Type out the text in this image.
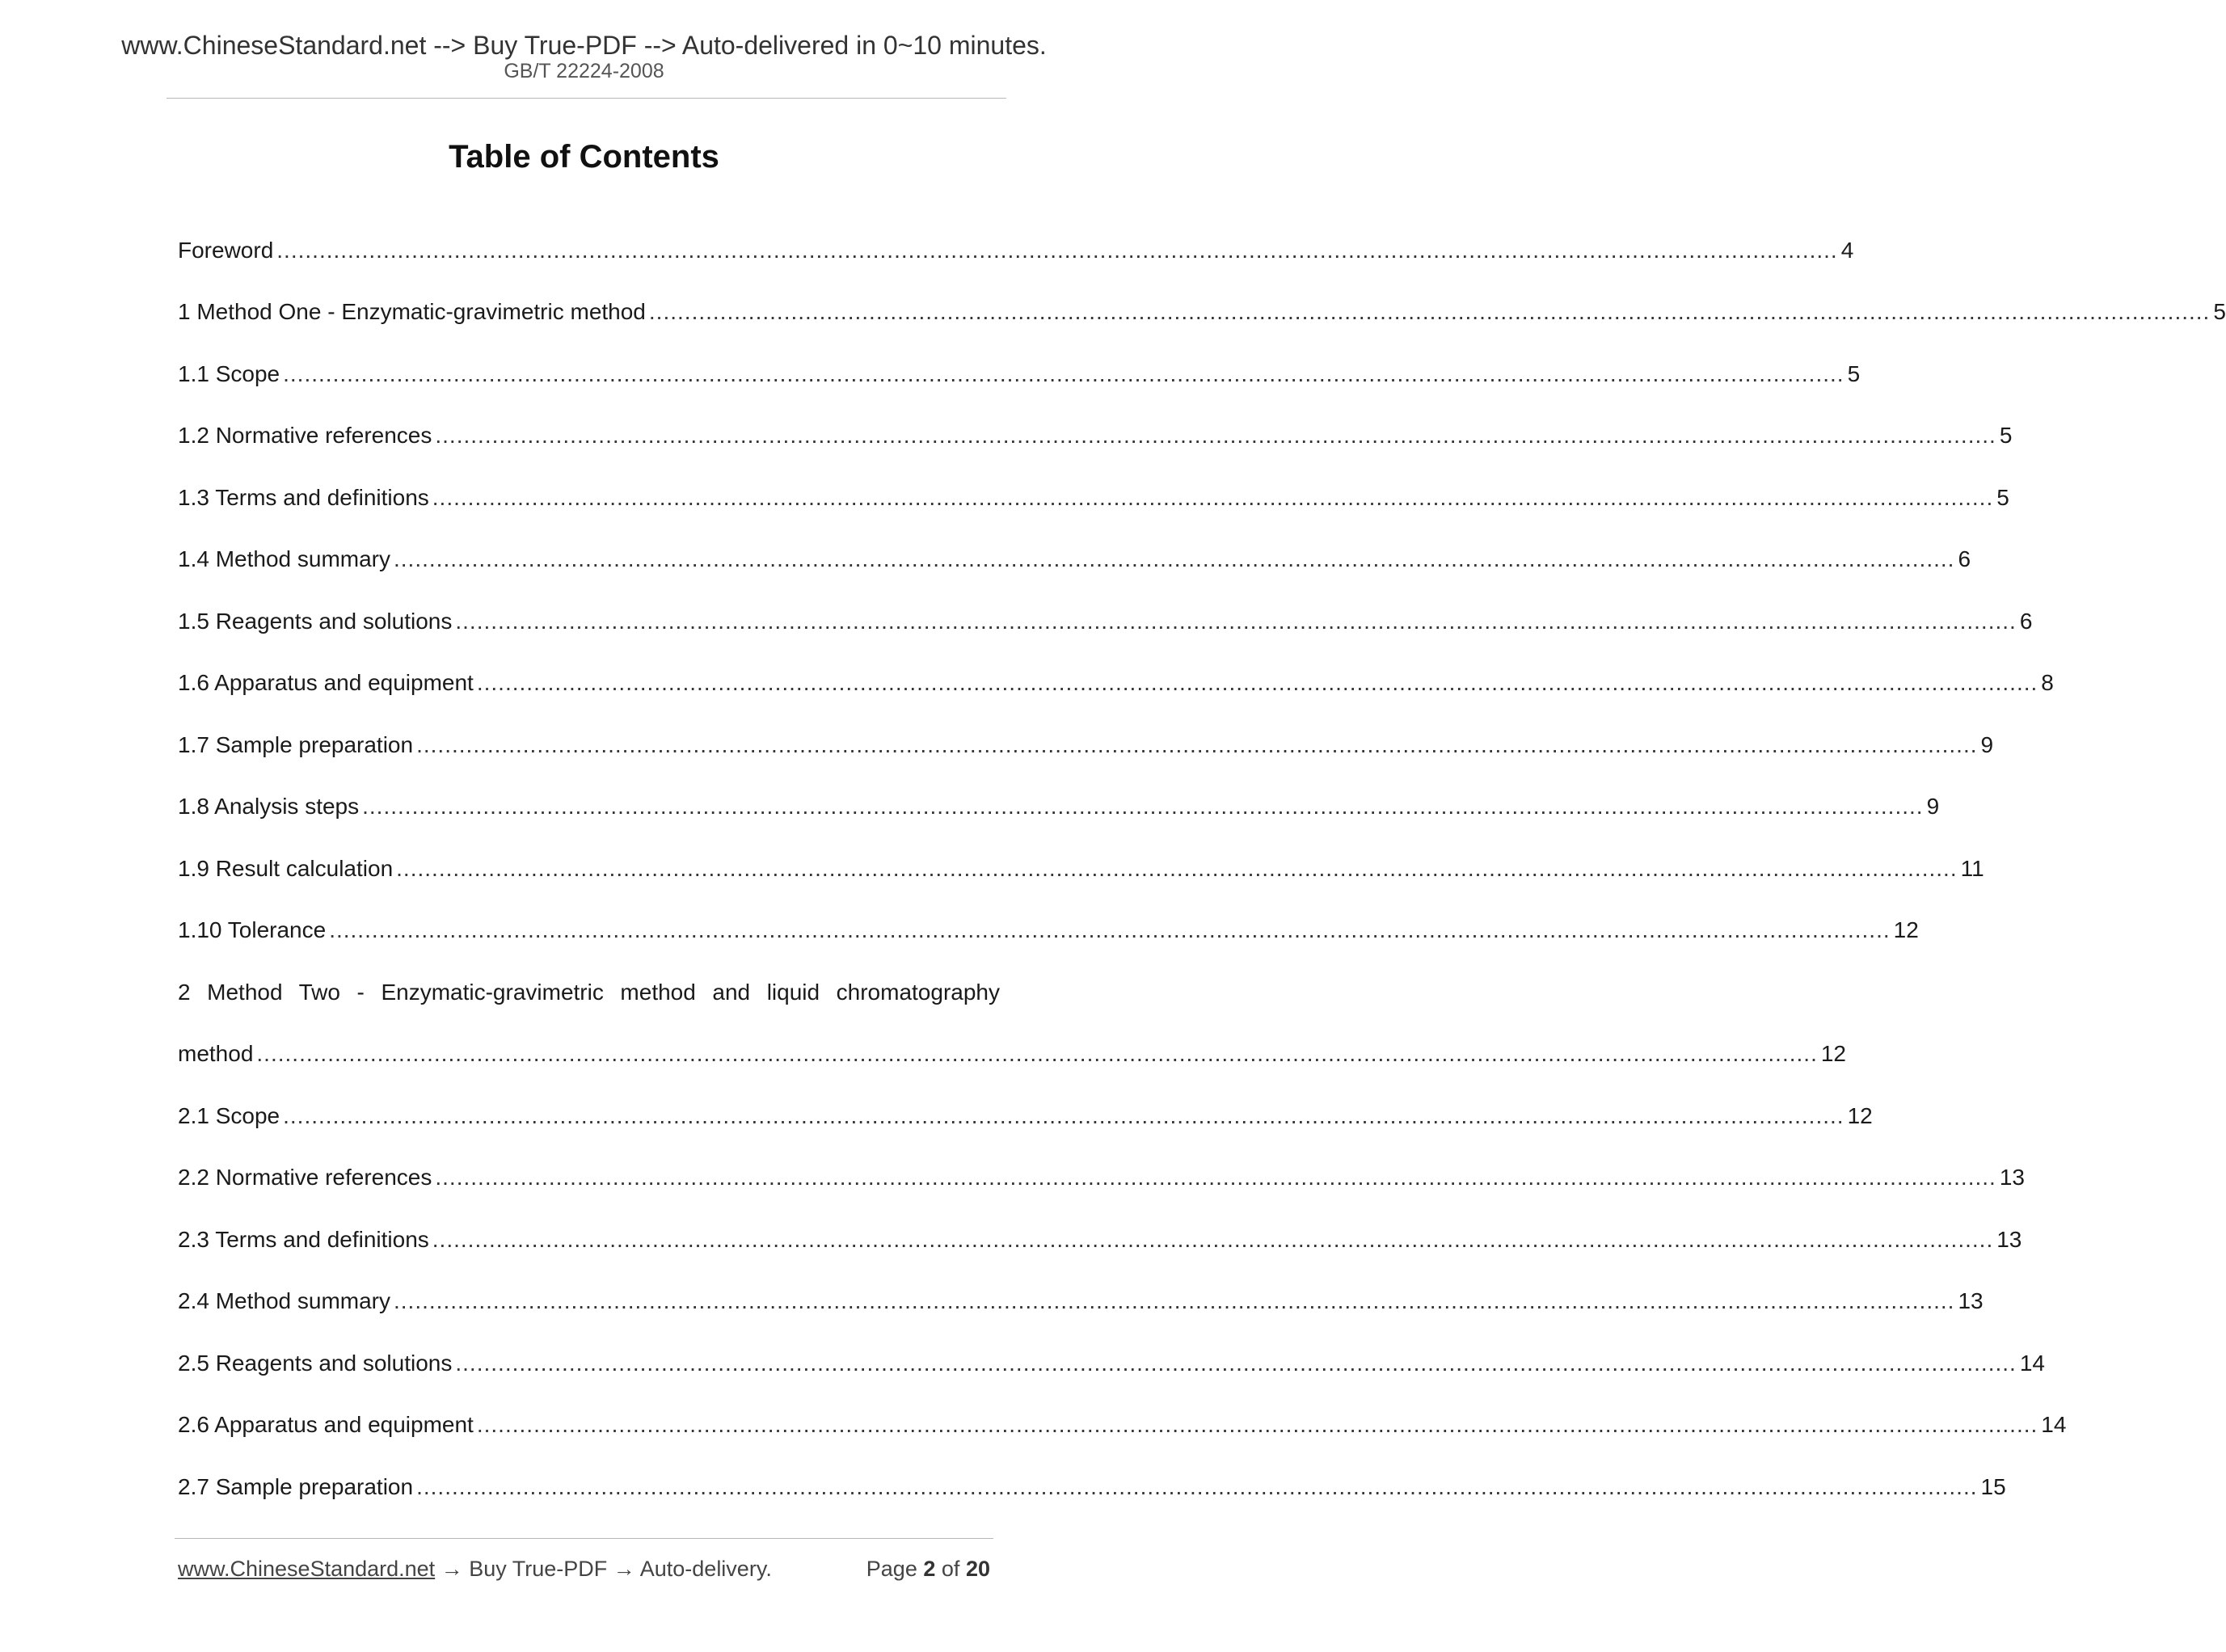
www.ChineseStandard.net --> Buy True-PDF --> Auto-delivered in 0~10 minutes.
GB/T 22224-2008
Table of Contents
Foreword ............................................................................................................................................................................................................................ 4
1 Method One - Enzymatic-gravimetric method ............................................................................................................................................................................................................................ 5
1.1 Scope ............................................................................................................................................................................................................................ 5
1.2 Normative references ............................................................................................................................................................................................................................ 5
1.3 Terms and definitions ............................................................................................................................................................................................................................ 5
1.4 Method summary ............................................................................................................................................................................................................................ 6
1.5 Reagents and solutions ............................................................................................................................................................................................................................ 6
1.6 Apparatus and equipment ............................................................................................................................................................................................................................ 8
1.7 Sample preparation ............................................................................................................................................................................................................................ 9
1.8 Analysis steps ............................................................................................................................................................................................................................ 9
1.9 Result calculation ............................................................................................................................................................................................................................ 11
1.10 Tolerance ............................................................................................................................................................................................................................ 12
2 Method Two - Enzymatic-gravimetric method and liquid chromatography
method ............................................................................................................................................................................................................................ 12
2.1 Scope ............................................................................................................................................................................................................................ 12
2.2 Normative references ............................................................................................................................................................................................................................ 13
2.3 Terms and definitions ............................................................................................................................................................................................................................ 13
2.4 Method summary ............................................................................................................................................................................................................................ 13
2.5 Reagents and solutions ............................................................................................................................................................................................................................ 14
2.6 Apparatus and equipment ............................................................................................................................................................................................................................ 14
2.7 Sample preparation ............................................................................................................................................................................................................................ 15
www.ChineseStandard.net → Buy True-PDF → Auto-delivery.	Page 2 of 20
